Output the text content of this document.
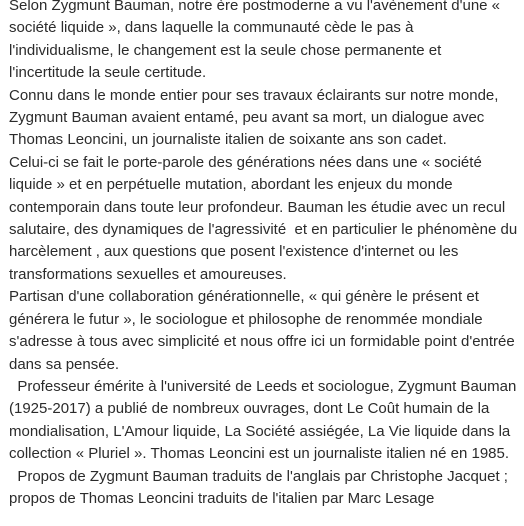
Selon Zygmunt Bauman, notre ère postmoderne a vu l'avènement d'une « société liquide », dans laquelle la communauté cède le pas à l'individualisme, le changement est la seule chose permanente et l'incertitude la seule certitude.

Connu dans le monde entier pour ses travaux éclairants sur notre monde, Zygmunt Bauman avaient entamé, peu avant sa mort, un dialogue avec Thomas Leoncini, un journaliste italien de soixante ans son cadet.

Celui-ci se fait le porte-parole des générations nées dans une « société liquide » et en perpétuelle mutation, abordant les enjeux du monde contemporain dans toute leur profondeur. Bauman les étudie avec un recul salutaire, des dynamiques de l'agressivité  et en particulier le phénomène du harcèlement , aux questions que posent l'existence d'internet ou les transformations sexuelles et amoureuses.

Partisan d'une collaboration générationnelle, « qui génère le présent et générera le futur », le sociologue et philosophe de renommée mondiale s'adresse à tous avec simplicité et nous offre ici un formidable point d'entrée dans sa pensée.

Professeur émérite à l'université de Leeds et sociologue, Zygmunt Bauman (1925-2017) a publié de nombreux ouvrages, dont Le Coût humain de la mondialisation, L'Amour liquide, La Société assiégée, La Vie liquide dans la collection « Pluriel ». Thomas Leoncini est un journaliste italien né en 1985.

Propos de Zygmunt Bauman traduits de l'anglais par Christophe Jacquet ; propos de Thomas Leoncini traduits de l'italien par Marc Lesage
